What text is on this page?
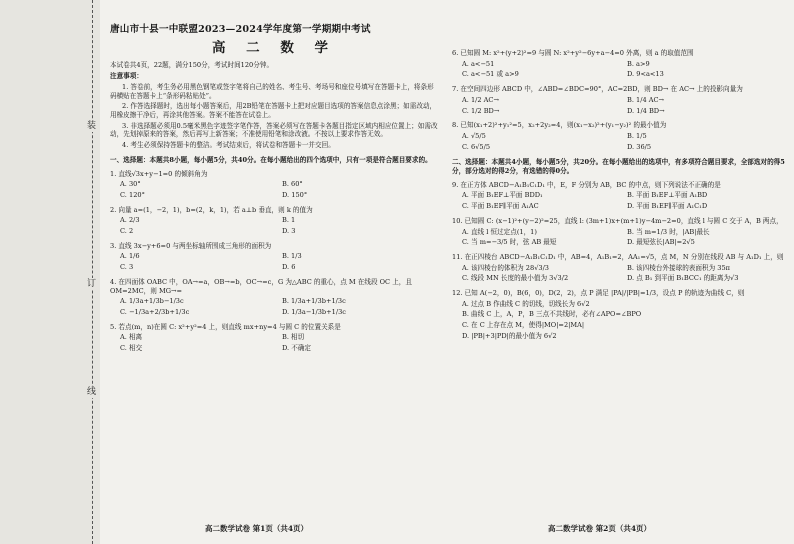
装
订
线
唐山市十县一中联盟2023—2024学年度第一学期期中考试
高 二 数 学
本试卷共4页，22题，满分150分，考试时间120分钟。
注意事项：
1. 答卷前，考生务必用黑色钢笔或签字笔将自己的姓名、考生号、考场号和座位号填写在答题卡上，将条形码横贴在答题卡上“条形码粘贴处”。
2. 作答选择题时，选出每小题答案后，用2B铅笔在答题卡上把对应题目选项的答案信息点涂黑；如需改动，用橡皮擦干净后，再涂其他答案。答案不能答在试卷上。
3. 非选择题必须用0.5毫米黑色字迹签字笔作答，答案必须写在答题卡各题目指定区域内相应位置上；如需改动，先划掉原来的答案，然后再写上新答案；不准使用铅笔和涂改液。不按以上要求作答无效。
4. 考生必须保持答题卡的整洁。考试结束后，将试卷和答题卡一并交回。
一、选择题：本题共8小题，每小题5分，共40分。在每小题给出的四个选项中，只有一项是符合题目要求的。
1. 直线√3x+y−1=0 的倾斜角为
A. 30°	B. 60°
C. 120°	D. 150°
2. 向量 a=(1，−2，1)，b=(2，k，1)，若 a⊥b 垂直，则 k 的值为
A. 2/3	B. 1
C. 2	D. 3
3. 直线 3x−y+6=0 与两坐标轴所围成三角形的面积为
A. 1/6	B. 1/3
C. 3	D. 6
4. 在四面体 OABC 中，OA→=a，OB→=b，OC→=c，G 为△ABC 的重心，点 M 在线段 OC 上，且 OM=2MC，则 MG→=
A. 1/3a+1/3b−1/3c	B. 1/3a+1/3b+1/3c
C. −1/3a+2/3b+1/3c	D. 1/3a−1/3b+1/3c
5. 若点(m，n)在圆 C: x²+y²=4 上，则直线 mx+ny=4 与圆 C 的位置关系是
A. 相离	B. 相切
C. 相交	D. 不确定
高二数学试卷 第1页（共4页）
6. 已知圆 M: x²+(y+2)²=9 与圆 N: x²+y²−6y+a−4=0 外离，则 a 的取值范围
A. a<−51	B. a>9
C. a<−51 或 a>9	D. 9<a<13
7. 在空间四边形 ABCD 中，∠ABD=∠BDC=90°，AC=2BD，则 BD→ 在 AC→ 上的投影向量为
A. 1/2 AC→	B. 1/4 AC→
C. 1/2 BD→	D. 1/4 BD→
8. 已知(x₁+2)²+y₁²=5，x₂+2y₂=4，则(x₁−x₂)²+(y₁−y₂)² 的最小值为
A. √5/5	B. 1/5
C. 6√5/5	D. 36/5
二、选择题：本题共4小题，每小题5分，共20分。在每小题给出的选项中，有多项符合题目要求，全部选对的得5分，部分选对的得2分，有选错的得0分。
9. 在正方体 ABCD−A₁B₁C₁D₁ 中，E，F 分别为 AB，BC 的中点，则下列说法不正确的是
A. 平面 B₁EF⊥平面 BDD₁	B. 平面 B₁EF⊥平面 A₁BD
C. 平面 B₁EF∥平面 A₁AC	D. 平面 B₁EF∥平面 A₁C₁D
10. 已知圆 C: (x−1)²+(y−2)²=25，直线 l: (3m+1)x+(m+1)y−4m−2=0，直线 l 与圆 C 交于 A，B 两点，
A. 直线 l 恒过定点(1，1)	B. 当 m=1/3 时，|AB|最长
C. 当 m=−3/5 时，弦 AB 最短	D. 最短弦长|AB|=2√5
11. 在正四棱台 ABCD−A₁B₁C₁D₁ 中，AB=4，A₁B₁=2，AA₁=√5，点 M，N 分别在线段 AB 与 A₁D₁ 上，则
A. 该四棱台的体积为 28√3/3	B. 该四棱台外接球的表面积为 35π
C. 线段 MN 长度的最小值为 3√3/2	D. 点 B₁ 到平面 B₁BCC₁ 的距离为√3
12. 已知 A(−2，0)，B(6，0)，D(2，2)，点 P 满足 |PA|/|PB|=1/3，设点 P 的轨迹为曲线 C，则
A. 过点 B 作曲线 C 的切线，切线长为 6√2
B. 曲线 C 上，A，P，B 三点不共线时，必有∠APO=∠BPO
C. 在 C 上存在点 M，使得|MO|=2|MA|
D. |PB|+3|PD|的最小值为 6√2
高二数学试卷 第2页（共4页）
